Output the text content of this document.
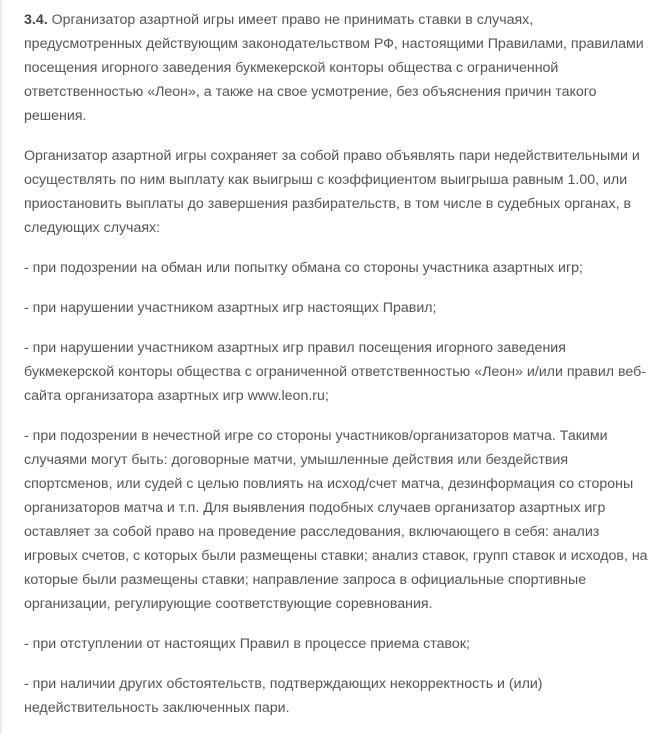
3.4. Организатор азартной игры имеет право не принимать ставки в случаях, предусмотренных действующим законодательством РФ, настоящими Правилами, правилами посещения игорного заведения букмекерской конторы общества с ограниченной ответственностью «Леон», а также на свое усмотрение, без объяснения причин такого решения.

Организатор азартной игры сохраняет за собой право объявлять пари недействительными и осуществлять по ним выплату как выигрыш с коэффициентом выигрыша равным 1.00, или приостановить выплаты до завершения разбирательств, в том числе в судебных органах, в следующих случаях:

- при подозрении на обман или попытку обмана со стороны участника азартных игр;

- при нарушении участником азартных игр настоящих Правил;

- при нарушении участником азартных игр правил посещения игорного заведения букмекерской конторы общества с ограниченной ответственностью «Леон» и/или правил веб-сайта организатора азартных игр www.leon.ru;

- при подозрении в нечестной игре со стороны участников/организаторов матча. Такими случаями могут быть: договорные матчи, умышленные действия или бездействия спортсменов, или судей с целью повлиять на исход/счет матча, дезинформация со стороны организаторов матча и т.п. Для выявления подобных случаев организатор азартных игр оставляет за собой право на проведение расследования, включающего в себя: анализ игровых счетов, с которых были размещены ставки; анализ ставок, групп ставок и исходов, на которые были размещены ставки; направление запроса в официальные спортивные организации, регулирующие соответствующие соревнования.

- при отступлении от настоящих Правил в процессе приема ставок;

- при наличии других обстоятельств, подтверждающих некорректность и (или) недействительность заключенных пари.
